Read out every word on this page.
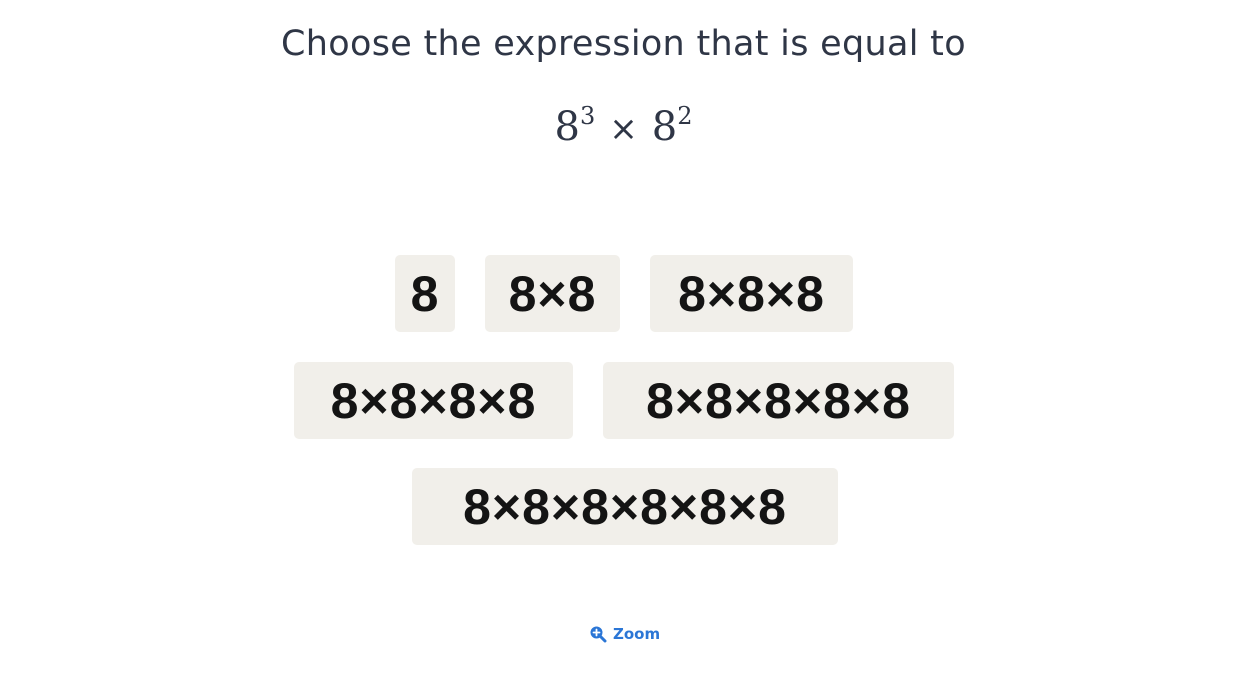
Choose the expression that is equal to
$8^3 \times 8^2$
8 8×8 8×8×8
8×8×8×8 8×8×8×8×8
8×8×8×8×8×8
Zoom
